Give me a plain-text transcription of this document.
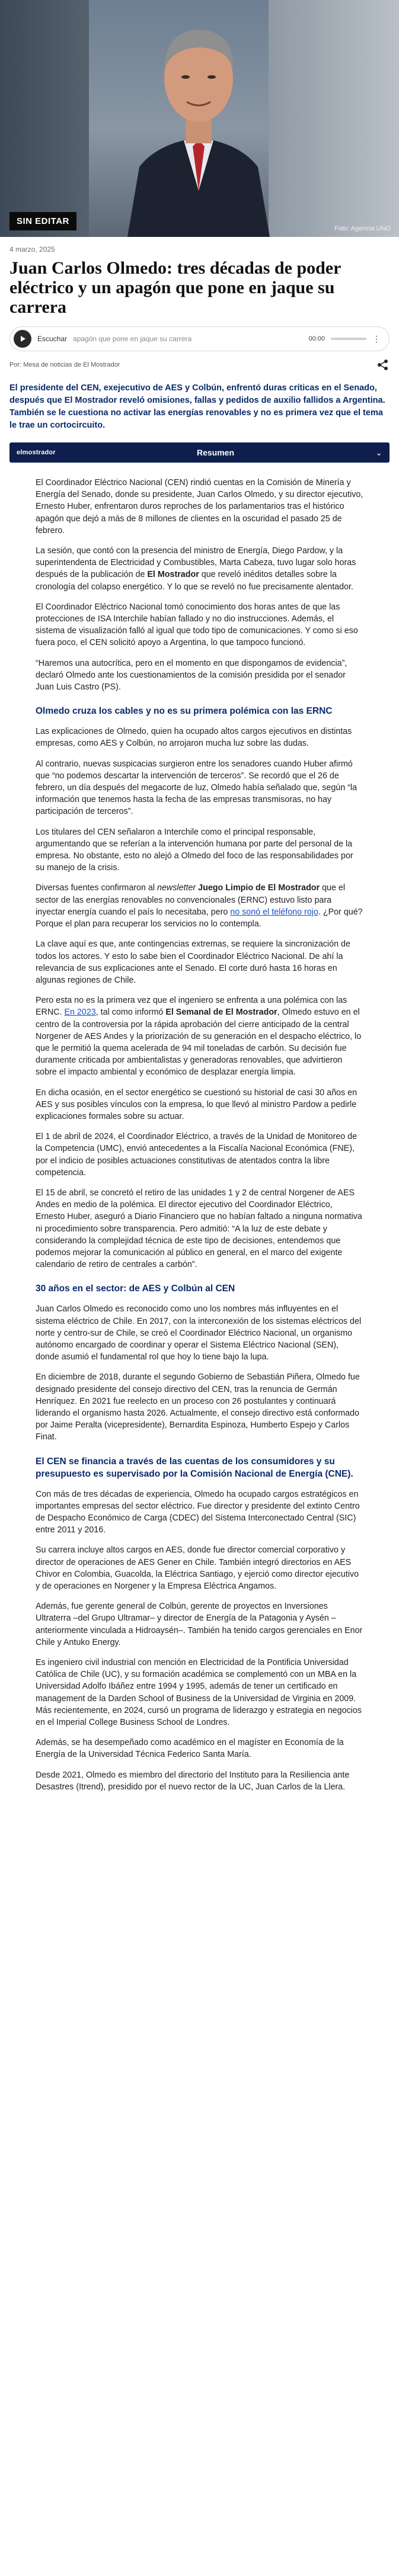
SIN EDITAR
Foto: Agencia UNO
4 marzo, 2025
Juan Carlos Olmedo: tres décadas de poder eléctrico y un apagón que pone en jaque su carrera
Escuchar apagón que pone en jaque su carrera	00:00	⋮
Por: Mesa de noticias de El Mostrador

El presidente del CEN, exejecutivo de AES y Colbún, enfrentó duras críticas en el Senado, después que El Mostrador reveló omisiones, fallas y pedidos de auxilio fallidos a Argentina. También se le cuestiona no activar las energías renovables y no es primera vez que el tema le trae un cortocircuito.

elmostrador	Resumen	⌄

El Coordinador Eléctrico Nacional (CEN) rindió cuentas en la Comisión de Minería y Energía del Senado, donde su presidente, Juan Carlos Olmedo, y su director ejecutivo, Ernesto Huber, enfrentaron duros reproches de los parlamentarios tras el histórico apagón que dejó a más de 8 millones de clientes en la oscuridad el pasado 25 de febrero.

La sesión, que contó con la presencia del ministro de Energía, Diego Pardow, y la superintendenta de Electricidad y Combustibles, Marta Cabeza, tuvo lugar solo horas después de la publicación de El Mostrador que reveló inéditos detalles sobre la cronología del colapso energético. Y lo que se reveló no fue precisamente alentador.

El Coordinador Eléctrico Nacional tomó conocimiento dos horas antes de que las protecciones de ISA Interchile habían fallado y no dio instrucciones. Además, el sistema de visualización falló al igual que todo tipo de comunicaciones. Y como si eso fuera poco, el CEN solicitó apoyo a Argentina, lo que tampoco funcionó.

“Haremos una autocrítica, pero en el momento en que dispongamos de evidencia”, declaró Olmedo ante los cuestionamientos de la comisión presidida por el senador Juan Luis Castro (PS).

Olmedo cruza los cables y no es su primera polémica con las ERNC

Las explicaciones de Olmedo, quien ha ocupado altos cargos ejecutivos en distintas empresas, como AES y Colbún, no arrojaron mucha luz sobre las dudas.

Al contrario, nuevas suspicacias surgieron entre los senadores cuando Huber afirmó que “no podemos descartar la intervención de terceros”. Se recordó que el 26 de febrero, un día después del megacorte de luz, Olmedo había señalado que, según “la información que tenemos hasta la fecha de las empresas transmisoras, no hay participación de terceros”.

Los titulares del CEN señalaron a Interchile como el principal responsable, argumentando que se referían a la intervención humana por parte del personal de la empresa. No obstante, esto no alejó a Olmedo del foco de las responsabilidades por su manejo de la crisis.

Diversas fuentes confirmaron al newsletter Juego Limpio de El Mostrador que el sector de las energías renovables no convencionales (ERNC) estuvo listo para inyectar energía cuando el país lo necesitaba, pero no sonó el teléfono rojo. ¿Por qué? Porque el plan para recuperar los servicios no lo contempla.

La clave aquí es que, ante contingencias extremas, se requiere la sincronización de todos los actores. Y esto lo sabe bien el Coordinador Eléctrico Nacional. De ahí la relevancia de sus explicaciones ante el Senado. El corte duró hasta 16 horas en algunas regiones de Chile.

Pero esta no es la primera vez que el ingeniero se enfrenta a una polémica con las ERNC. En 2023, tal como informó El Semanal de El Mostrador, Olmedo estuvo en el centro de la controversia por la rápida aprobación del cierre anticipado de la central Norgener de AES Andes y la priorización de su generación en el despacho eléctrico, lo que le permitió la quema acelerada de 94 mil toneladas de carbón. Su decisión fue duramente criticada por ambientalistas y generadoras renovables, que advirtieron sobre el impacto ambiental y económico de desplazar energía limpia.

En dicha ocasión, en el sector energético se cuestionó su historial de casi 30 años en AES y sus posibles vínculos con la empresa, lo que llevó al ministro Pardow a pedirle explicaciones formales sobre su actuar.

El 1 de abril de 2024, el Coordinador Eléctrico, a través de la Unidad de Monitoreo de la Competencia (UMC), envió antecedentes a la Fiscalía Nacional Económica (FNE), por el indicio de posibles actuaciones constitutivas de atentados contra la libre competencia.

El 15 de abril, se concretó el retiro de las unidades 1 y 2 de central Norgener de AES Andes en medio de la polémica. El director ejecutivo del Coordinador Eléctrico, Ernesto Huber, aseguró a Diario Financiero que no habían faltado a ninguna normativa ni procedimiento sobre transparencia. Pero admitió: “A la luz de este debate y considerando la complejidad técnica de este tipo de decisiones, entendemos que podemos mejorar la comunicación al público en general, en el marco del exigente calendario de retiro de centrales a carbón”.

30 años en el sector: de AES y Colbún al CEN

Juan Carlos Olmedo es reconocido como uno los nombres más influyentes en el sistema eléctrico de Chile. En 2017, con la interconexión de los sistemas eléctricos del norte y centro-sur de Chile, se creó el Coordinador Eléctrico Nacional, un organismo autónomo encargado de coordinar y operar el Sistema Eléctrico Nacional (SEN), donde asumió el fundamental rol que hoy lo tiene bajo la lupa.

En diciembre de 2018, durante el segundo Gobierno de Sebastián Piñera, Olmedo fue designado presidente del consejo directivo del CEN, tras la renuncia de Germán Henríquez. En 2021 fue reelecto en un proceso con 26 postulantes y continuará liderando el organismo hasta 2026. Actualmente, el consejo directivo está conformado por Jaime Peralta (vicepresidente), Bernardita Espinoza, Humberto Espejo y Carlos Finat.

El CEN se financia a través de las cuentas de los consumidores y su presupuesto es supervisado por la Comisión Nacional de Energía (CNE).

Con más de tres décadas de experiencia, Olmedo ha ocupado cargos estratégicos en importantes empresas del sector eléctrico. Fue director y presidente del extinto Centro de Despacho Económico de Carga (CDEC) del Sistema Interconectado Central (SIC) entre 2011 y 2016.

Su carrera incluye altos cargos en AES, donde fue director comercial corporativo y director de operaciones de AES Gener en Chile. También integró directorios en AES Chivor en Colombia, Guacolda, la Eléctrica Santiago, y ejerció como director ejecutivo y de operaciones en Norgener y la Empresa Eléctrica Angamos.

Además, fue gerente general de Colbún, gerente de proyectos en Inversiones Ultraterra –del Grupo Ultramar– y director de Energía de la Patagonia y Aysén –anteriormente vinculada a Hidroaysén–. También ha tenido cargos gerenciales en Enor Chile y Antuko Energy.

Es ingeniero civil industrial con mención en Electricidad de la Pontificia Universidad Católica de Chile (UC), y su formación académica se complementó con un MBA en la Universidad Adolfo Ibáñez entre 1994 y 1995, además de tener un certificado en management de la Darden School of Business de la Universidad de Virginia en 2009. Más recientemente, en 2024, cursó un programa de liderazgo y estrategia en negocios en el Imperial College Business School de Londres.

Además, se ha desempeñado como académico en el magíster en Economía de la Energía de la Universidad Técnica Federico Santa María.

Desde 2021, Olmedo es miembro del directorio del Instituto para la Resiliencia ante Desastres (Itrend), presidido por el nuevo rector de la UC, Juan Carlos de la Llera.
